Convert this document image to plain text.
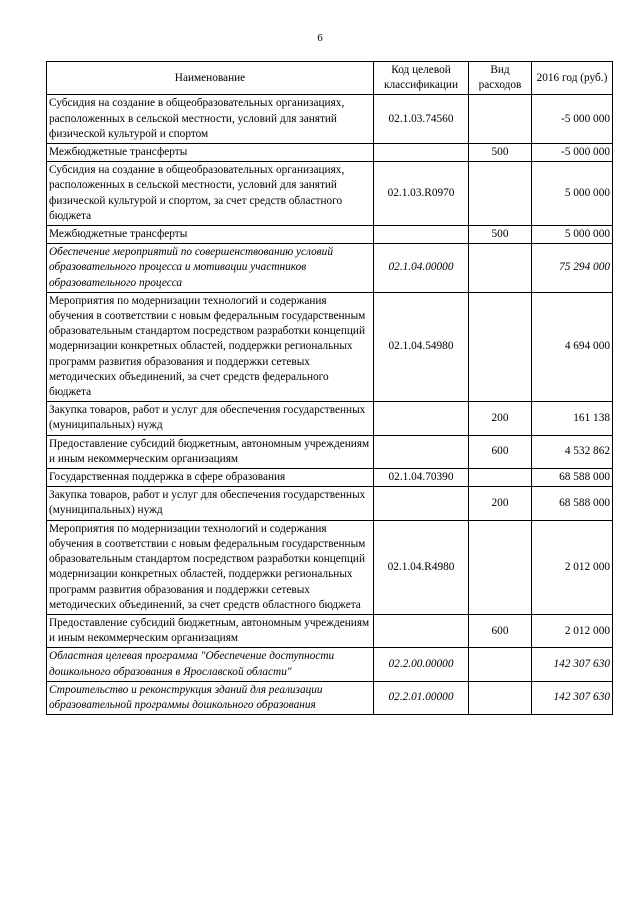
6
Наименование	Код целевой классификации	Вид расходов	2016 год (руб.)
Субсидия на создание в общеобразовательных организациях, расположенных в сельской местности, условий для занятий физической культурой и спортом	02.1.03.74560		-5 000 000
Межбюджетные трансферты		500	-5 000 000
Субсидия на создание в общеобразовательных организациях, расположенных в сельской местности, условий для занятий физической культурой и спортом, за счет средств областного бюджета	02.1.03.R0970		5 000 000
Межбюджетные трансферты		500	5 000 000
Обеспечение мероприятий по совершенствованию условий образовательного процесса и мотивации участников образовательного процесса	02.1.04.00000		75 294 000
Мероприятия по модернизации технологий и содержания обучения в соответствии с новым федеральным государственным образовательным стандартом посредством разработки концепций модернизации конкретных областей, поддержки региональных программ развития образования и поддержки сетевых методических объединений, за счет средств федерального бюджета	02.1.04.54980		4 694 000
Закупка товаров, работ и услуг для обеспечения государственных (муниципальных) нужд		200	161 138
Предоставление субсидий бюджетным, автономным учреждениям и иным некоммерческим организациям		600	4 532 862
Государственная поддержка в сфере образования	02.1.04.70390		68 588 000
Закупка товаров, работ и услуг для обеспечения государственных (муниципальных) нужд		200	68 588 000
Мероприятия по модернизации технологий и содержания обучения в соответствии с новым федеральным государственным образовательным стандартом посредством разработки концепций модернизации конкретных областей, поддержки региональных программ развития образования и поддержки сетевых методических объединений, за счет средств областного бюджета	02.1.04.R4980		2 012 000
Предоставление субсидий бюджетным, автономным учреждениям и иным некоммерческим организациям		600	2 012 000
Областная целевая программа "Обеспечение доступности дошкольного образования в Ярославской области"	02.2.00.00000		142 307 630
Строительство и реконструкция зданий для реализации образовательной программы дошкольного образования	02.2.01.00000		142 307 630
